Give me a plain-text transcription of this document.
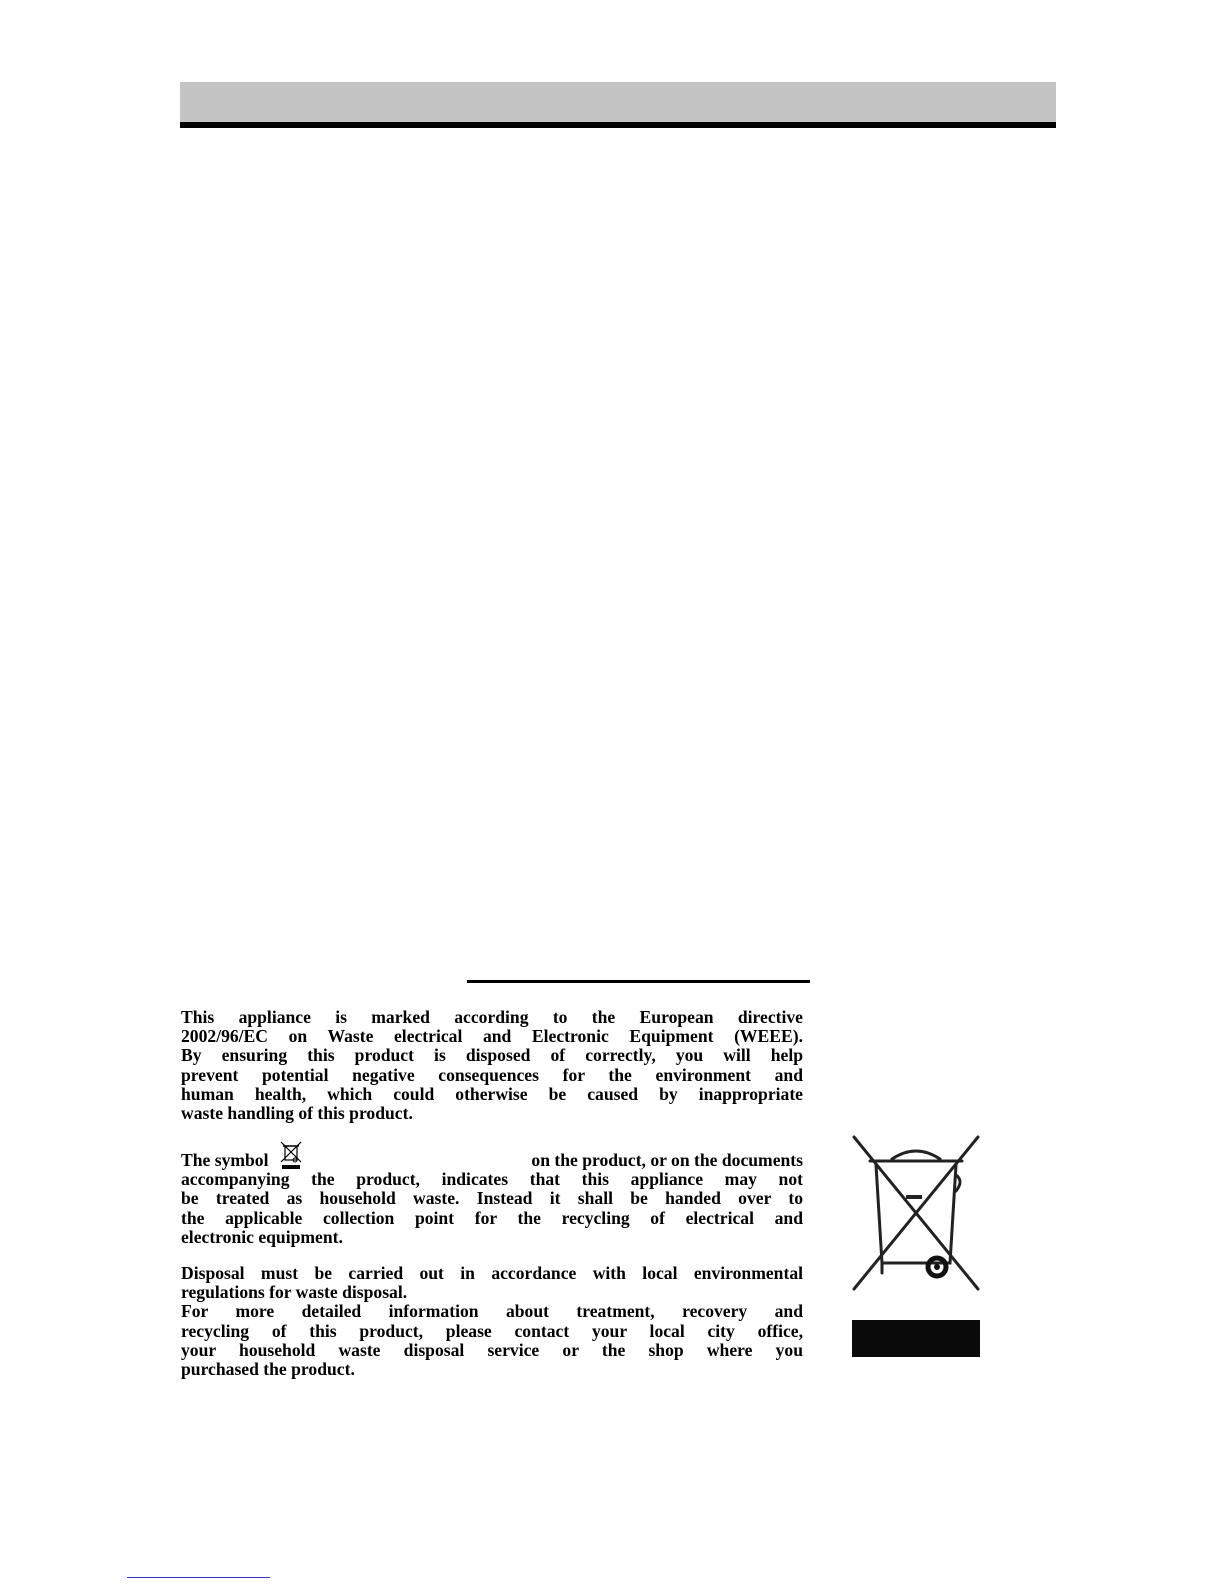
This appliance is marked according to the European directive

2002/96/EC on Waste electrical and Electronic Equipment (WEEE).

By ensuring this product is disposed of correctly, you will help

prevent potential negative consequences for the environment and

human health, which could otherwise be caused by inappropriate

waste handling of this product.

The symbol	on the product, or on the documents

accompanying the product, indicates that this appliance may not

be treated as household waste. Instead it shall be handed over to

the applicable collection point for the recycling of electrical and

electronic equipment.

Disposal must be carried out in accordance with local environmental

regulations for waste disposal.

For more detailed information about treatment, recovery and

recycling of this product, please contact your local city office,

your household waste disposal service or the shop where you

purchased the product.
